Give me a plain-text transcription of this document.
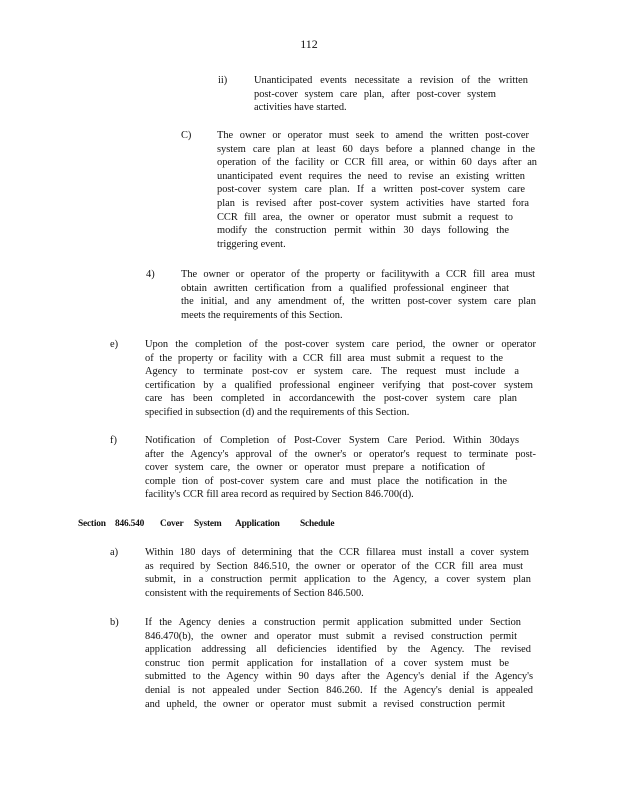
112
ii)	Unanticipated events necessitate a revision of the written
post-cover system care plan, after post-cover system
activities have started.
C) The owner or operator must seek to amend the written post-cover
system care plan at least 60 days before a planned change in the
operation of the facility or CCR fill area, or within 60 days after an
unanticipated event requires the need to revise an existing written
post-cover system care plan. If a written post-cover system care
plan is revised after post-cover system activities have started fora
CCR fill area, the owner or operator must submit a request to
modify the construction permit within 30 days following the
triggering event.
4)	The owner or operator of the property or facilitywith a CCR fill area must
obtain awritten certification from a qualified professional engineer that
the initial, and any amendment of, the written post-cover system care plan
meets the requirements of this Section.
e)	Upon the completion of the post-cover system care period, the owner or operator
of the property or facility with a CCR fill area must submit a request to the
Agency to terminate post-cov er system care. The request must include a
certification by a qualified professional engineer verifying that post-cover system
care has been completed in accordancewith the post-cover system care plan
specified in subsection (d) and the requirements of this Section.
f)	Notification of Completion of Post-Cover System Care Period. Within 30days
after the Agency's approval of the owner's or operator's request to terminate post-
cover system care, the owner or operator must prepare a notification of
comple tion of post-cover system care and must place the notification in the
facility's CCR fill area record as required by Section 846.700(d).
Section 846.540 Cover System Application Schedule
a)	Within 180 days of determining that the CCR fillarea must install a cover system
as required by Section 846.510, the owner or operator of the CCR fill area must
submit, in a construction permit application to the Agency, a cover system plan
consistent with the requirements of Section 846.500.
b)	If the Agency denies a construction permit application submitted under Section
846.470(b), the owner and operator must submit a revised construction permit
application addressing all deficiencies identified by the Agency. The revised
construc tion permit application for installation of a cover system must be
submitted to the Agency within 90 days after the Agency's denial if the Agency's
denial is not appealed under Section 846.260. If the Agency's denial is appealed
and upheld, the owner or operator must submit a revised construction permit
